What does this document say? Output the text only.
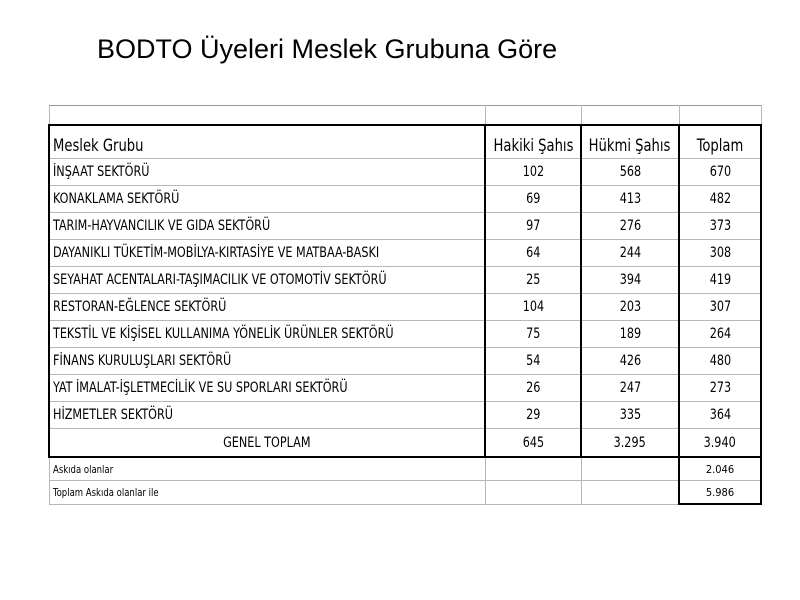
BODTO Üyeleri Meslek Grubuna Göre

Meslek Grubu	Hakiki Şahıs	Hükmi Şahıs	Toplam
İNŞAAT SEKTÖRÜ	102	568	670
KONAKLAMA SEKTÖRÜ	69	413	482
TARIM-HAYVANCILIK VE GIDA SEKTÖRÜ	97	276	373
DAYANIKLI TÜKETİM-MOBİLYA-KIRTASİYE VE MATBAA-BASKI	64	244	308
SEYAHAT ACENTALARI-TAŞIMACILIK VE OTOMOTİV SEKTÖRÜ	25	394	419
RESTORAN-EĞLENCE SEKTÖRÜ	104	203	307
TEKSTİL VE KİŞİSEL KULLANIMA YÖNELİK ÜRÜNLER SEKTÖRÜ	75	189	264
FİNANS KURULUŞLARI SEKTÖRÜ	54	426	480
YAT İMALAT-İŞLETMECİLİK VE SU SPORLARI SEKTÖRÜ	26	247	273
HİZMETLER SEKTÖRÜ	29	335	364
GENEL TOPLAM	645	3.295	3.940
Askıda olanlar			2.046
Toplam Askıda olanlar ile			5.986
